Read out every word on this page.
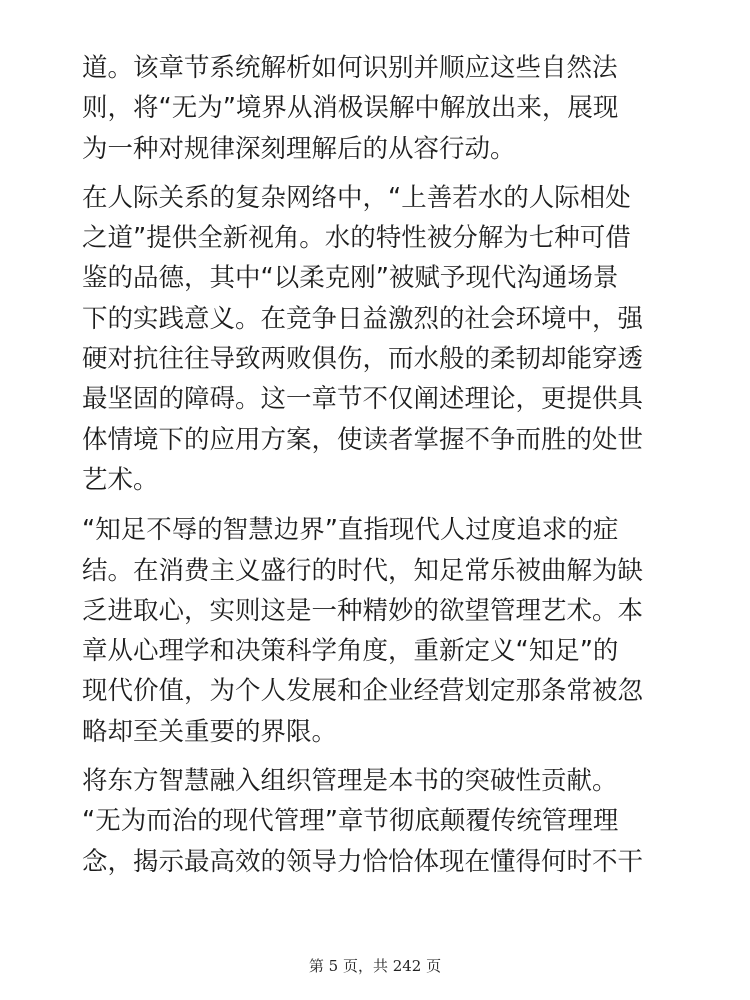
道。该章节系统解析如何识别并顺应这些自然法
则，将“无为”境界从消极误解中解放出来，展现
为一种对规律深刻理解后的从容行动。
在人际关系的复杂网络中，“上善若水的人际相处
之道”提供全新视角。水的特性被分解为七种可借
鉴的品德，其中“以柔克刚”被赋予现代沟通场景
下的实践意义。在竞争日益激烈的社会环境中，强
硬对抗往往导致两败俱伤，而水般的柔韧却能穿透
最坚固的障碍。这一章节不仅阐述理论，更提供具
体情境下的应用方案，使读者掌握不争而胜的处世
艺术。
“知足不辱的智慧边界”直指现代人过度追求的症
结。在消费主义盛行的时代，知足常乐被曲解为缺
乏进取心，实则这是一种精妙的欲望管理艺术。本
章从心理学和决策科学角度，重新定义“知足”的
现代价值，为个人发展和企业经营划定那条常被忽
略却至关重要的界限。
将东方智慧融入组织管理是本书的突破性贡献。
“无为而治的现代管理”章节彻底颠覆传统管理理
念，揭示最高效的领导力恰恰体现在懂得何时不干
第 5 页，共 242 页
